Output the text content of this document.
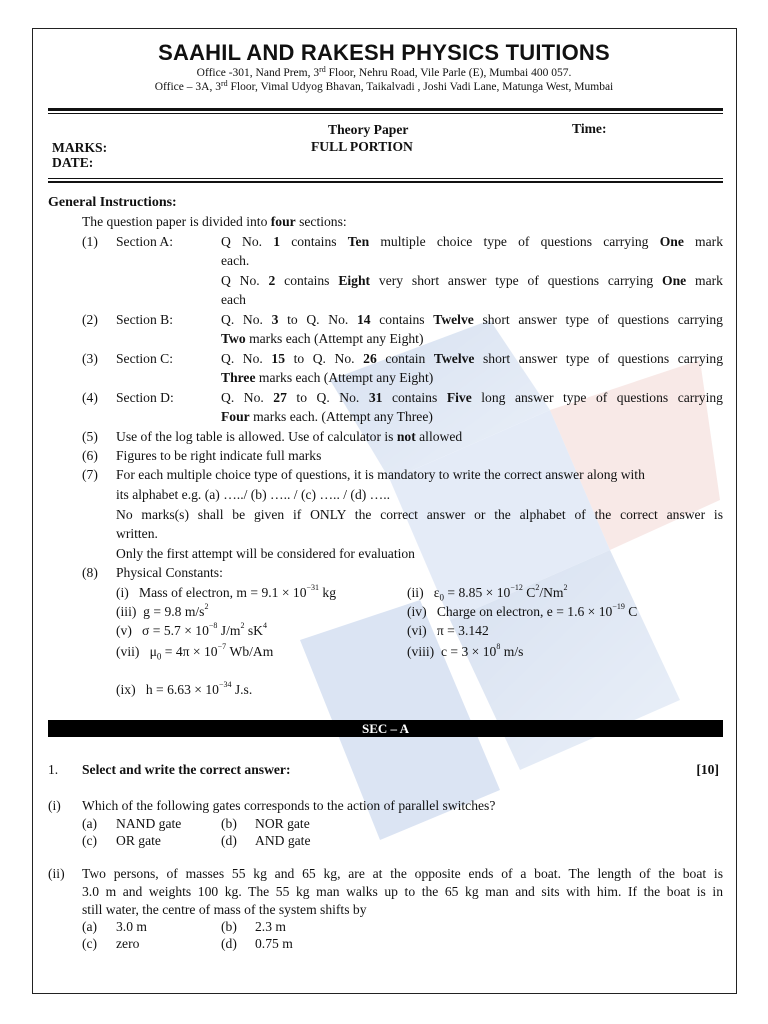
SAAHIL AND RAKESH PHYSICS TUITIONS
Office -301, Nand Prem, 3rd Floor, Nehru Road, Vile Parle (E), Mumbai 400 057.
Office – 3A, 3rd Floor, Vimal Udyog Bhavan, Taikalvadi , Joshi Vadi Lane, Matunga West, Mumbai
Theory Paper	Time:
FULL PORTION
MARKS:
DATE:
General Instructions:
The question paper is divided into four sections:
(1) Section A:	Q No. 1 contains Ten multiple choice type of questions carrying One mark
each.
Q No. 2 contains Eight very short answer type of questions carrying One mark
each
(2) Section B:	Q. No. 3 to Q. No. 14 contains Twelve short answer type of questions carrying
Two marks each (Attempt any Eight)
(3) Section C:	Q. No. 15 to Q. No. 26 contain Twelve short answer type of questions carrying
Three marks each (Attempt any Eight)
(4) Section D:	Q. No. 27 to Q. No. 31 contains Five long answer type of questions carrying
Four marks each. (Attempt any Three)
(5) Use of the log table is allowed. Use of calculator is not allowed
(6) Figures to be right indicate full marks
(7) For each multiple choice type of questions, it is mandatory to write the correct answer along with
its alphabet e.g. (a) …../ (b) ….. / (c) ….. / (d) …..
No marks(s) shall be given if ONLY the correct answer or the alphabet of the correct answer is
written.
Only the first attempt will be considered for evaluation
(8) Physical Constants:
(i)   Mass of electron, $m = 9.1 \times 10^{-31}$ kg	(ii)   $\varepsilon_0 = 8.85 \times 10^{-12}$ $C^2/Nm^2$
(iii)  g = 9.8 $m/s^2$	(iv)   Charge on electron, $e = 1.6 \times 10^{-19}$ C
(v)   $\sigma = 5.7 \times 10^{-8}$ $J/m^2$ $sK^4$	(vi)   π = 3.142
(vii)   $\mu_0 = 4\pi \times 10^{-7}$ Wb/Am	(viii)  $c = 3 \times 10^8$ m/s
(ix)   $h = 6.63 \times 10^{-34}$ J.s.
SEC – A
1. Select and write the correct answer:	[10]
(i) Which of the following gates corresponds to the action of parallel switches?
(a) NAND gate	(b) NOR gate
(c) OR gate	(d) AND gate
(ii) Two persons, of masses 55 kg and 65 kg, are at the opposite ends of a boat. The length of the boat is
3.0 m and weights 100 kg. The 55 kg man walks up to the 65 kg man and sits with him. If the boat is in
still water, the centre of mass of the system shifts by
(a) 3.0 m	(b) 2.3 m
(c) zero	(d) 0.75 m
